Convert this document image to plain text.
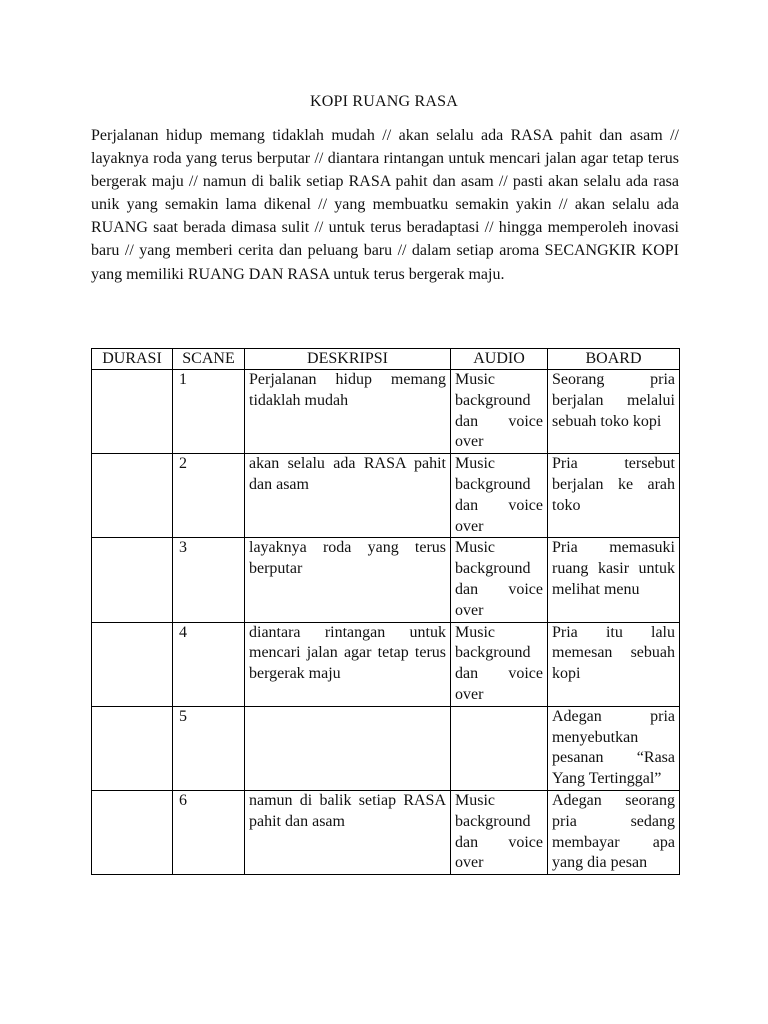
KOPI RUANG RASA

Perjalanan hidup memang tidaklah mudah // akan selalu ada RASA pahit dan asam // layaknya roda yang terus berputar // diantara rintangan untuk mencari jalan agar tetap terus bergerak maju // namun di balik setiap RASA pahit dan asam // pasti akan selalu ada rasa unik yang semakin lama dikenal // yang membuatku semakin yakin // akan selalu ada RUANG saat berada dimasa sulit // untuk terus beradaptasi // hingga memperoleh inovasi baru // yang memberi cerita dan peluang baru // dalam setiap aroma SECANGKIR KOPI yang memiliki RUANG DAN RASA untuk terus bergerak maju.

DURASI	SCANE	DESKRIPSI	AUDIO	BOARD
	1	Perjalanan hidup memang tidaklah mudah	Music background dan voice over	Seorang pria berjalan melalui sebuah toko kopi
	2	akan selalu ada RASA pahit dan asam	Music background dan voice over	Pria tersebut berjalan ke arah toko
	3	layaknya roda yang terus berputar	Music background dan voice over	Pria memasuki ruang kasir untuk melihat menu
	4	diantara rintangan untuk mencari jalan agar tetap terus bergerak maju	Music background dan voice over	Pria itu lalu memesan sebuah kopi
	5			Adegan pria menyebutkan pesanan “Rasa Yang Tertinggal”
	6	namun di balik setiap RASA pahit dan asam	Music background dan voice over	Adegan seorang pria sedang membayar apa yang dia pesan
